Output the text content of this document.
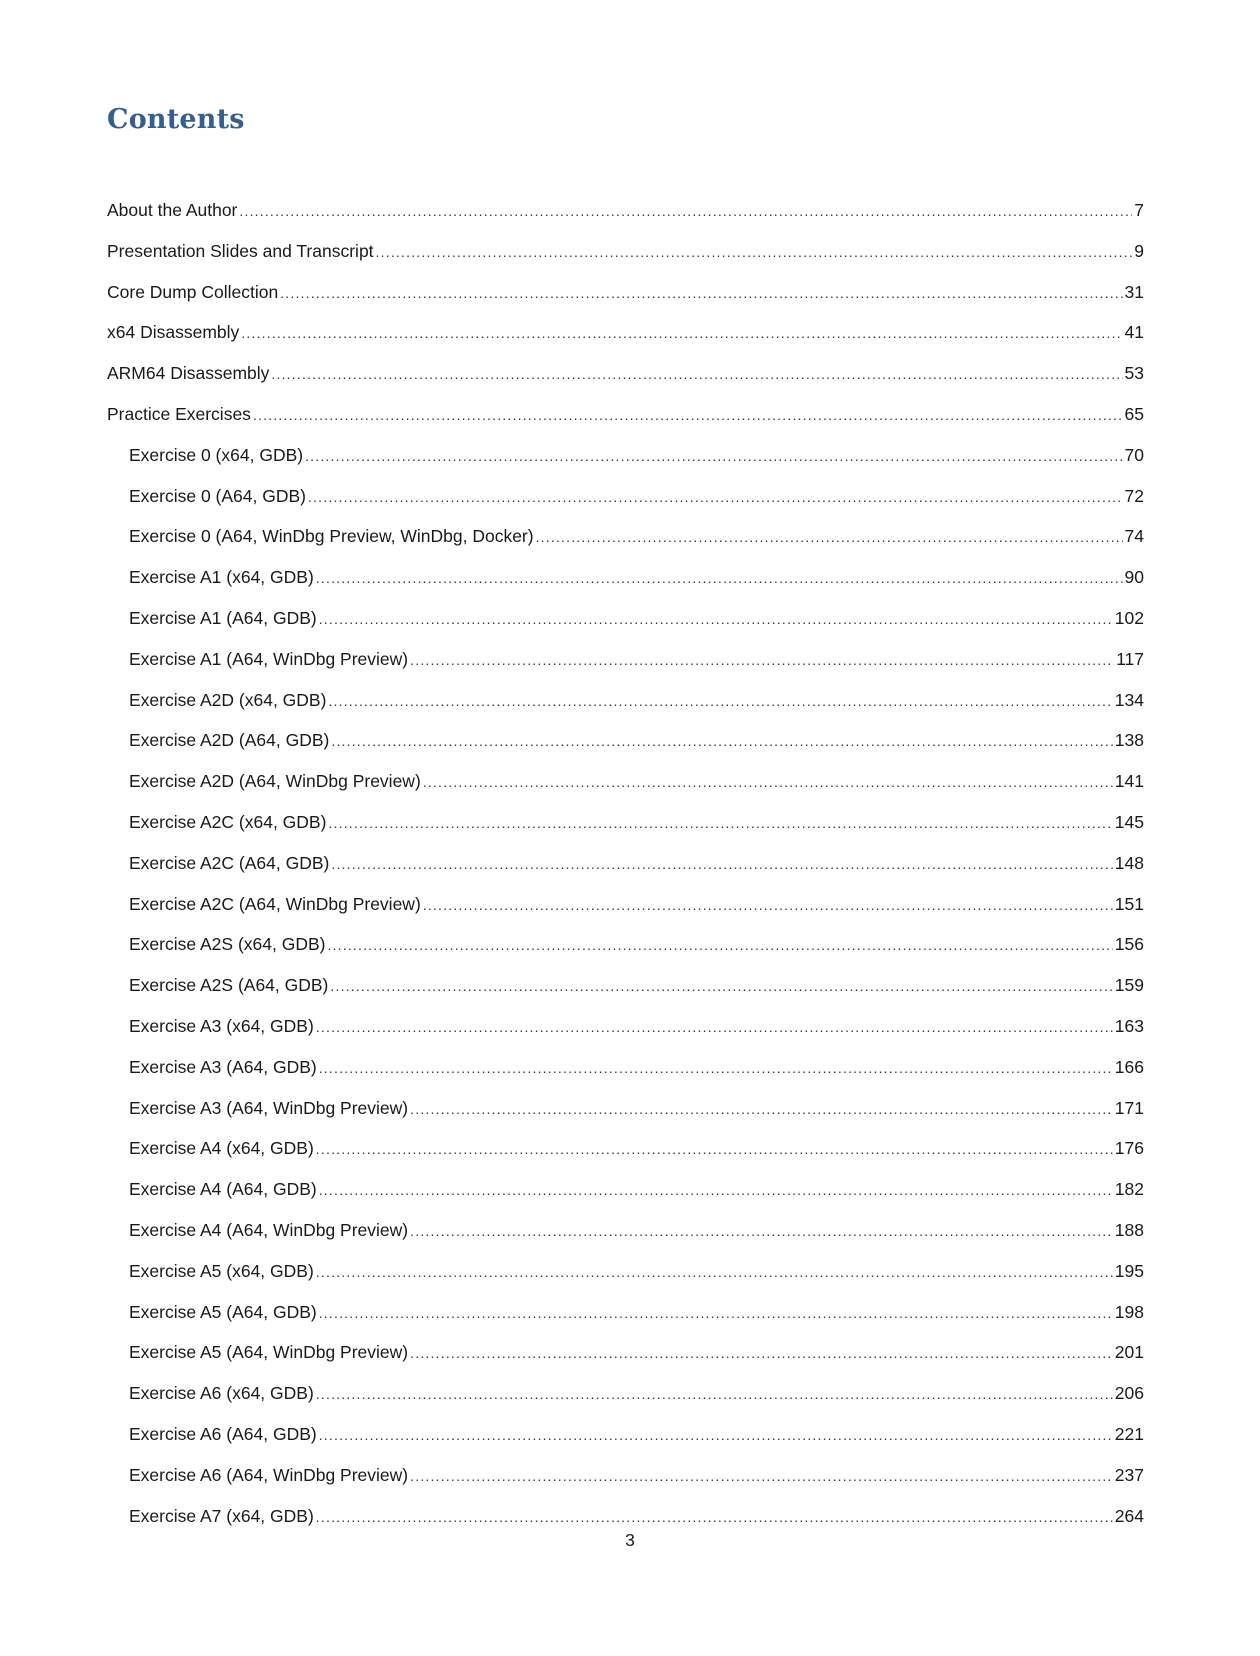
Contents
About the Author .....	7
Presentation Slides and Transcript .....	9
Core Dump Collection .....	31
x64 Disassembly .....	41
ARM64 Disassembly .....	53
Practice Exercises .....	65
Exercise 0 (x64, GDB) .....	70
Exercise 0 (A64, GDB) .....	72
Exercise 0 (A64, WinDbg Preview, WinDbg, Docker) .....	74
Exercise A1 (x64, GDB) .....	90
Exercise A1 (A64, GDB) .....	102
Exercise A1 (A64, WinDbg Preview) .....	117
Exercise A2D (x64, GDB) .....	134
Exercise A2D (A64, GDB) .....	138
Exercise A2D (A64, WinDbg Preview) .....	141
Exercise A2C (x64, GDB) .....	145
Exercise A2C (A64, GDB) .....	148
Exercise A2C (A64, WinDbg Preview) .....	151
Exercise A2S (x64, GDB) .....	156
Exercise A2S (A64, GDB) .....	159
Exercise A3 (x64, GDB) .....	163
Exercise A3 (A64, GDB) .....	166
Exercise A3 (A64, WinDbg Preview) .....	171
Exercise A4 (x64, GDB) .....	176
Exercise A4 (A64, GDB) .....	182
Exercise A4 (A64, WinDbg Preview) .....	188
Exercise A5 (x64, GDB) .....	195
Exercise A5 (A64, GDB) .....	198
Exercise A5 (A64, WinDbg Preview) .....	201
Exercise A6 (x64, GDB) .....	206
Exercise A6 (A64, GDB) .....	221
Exercise A6 (A64, WinDbg Preview) .....	237
Exercise A7 (x64, GDB) .....	264
3
